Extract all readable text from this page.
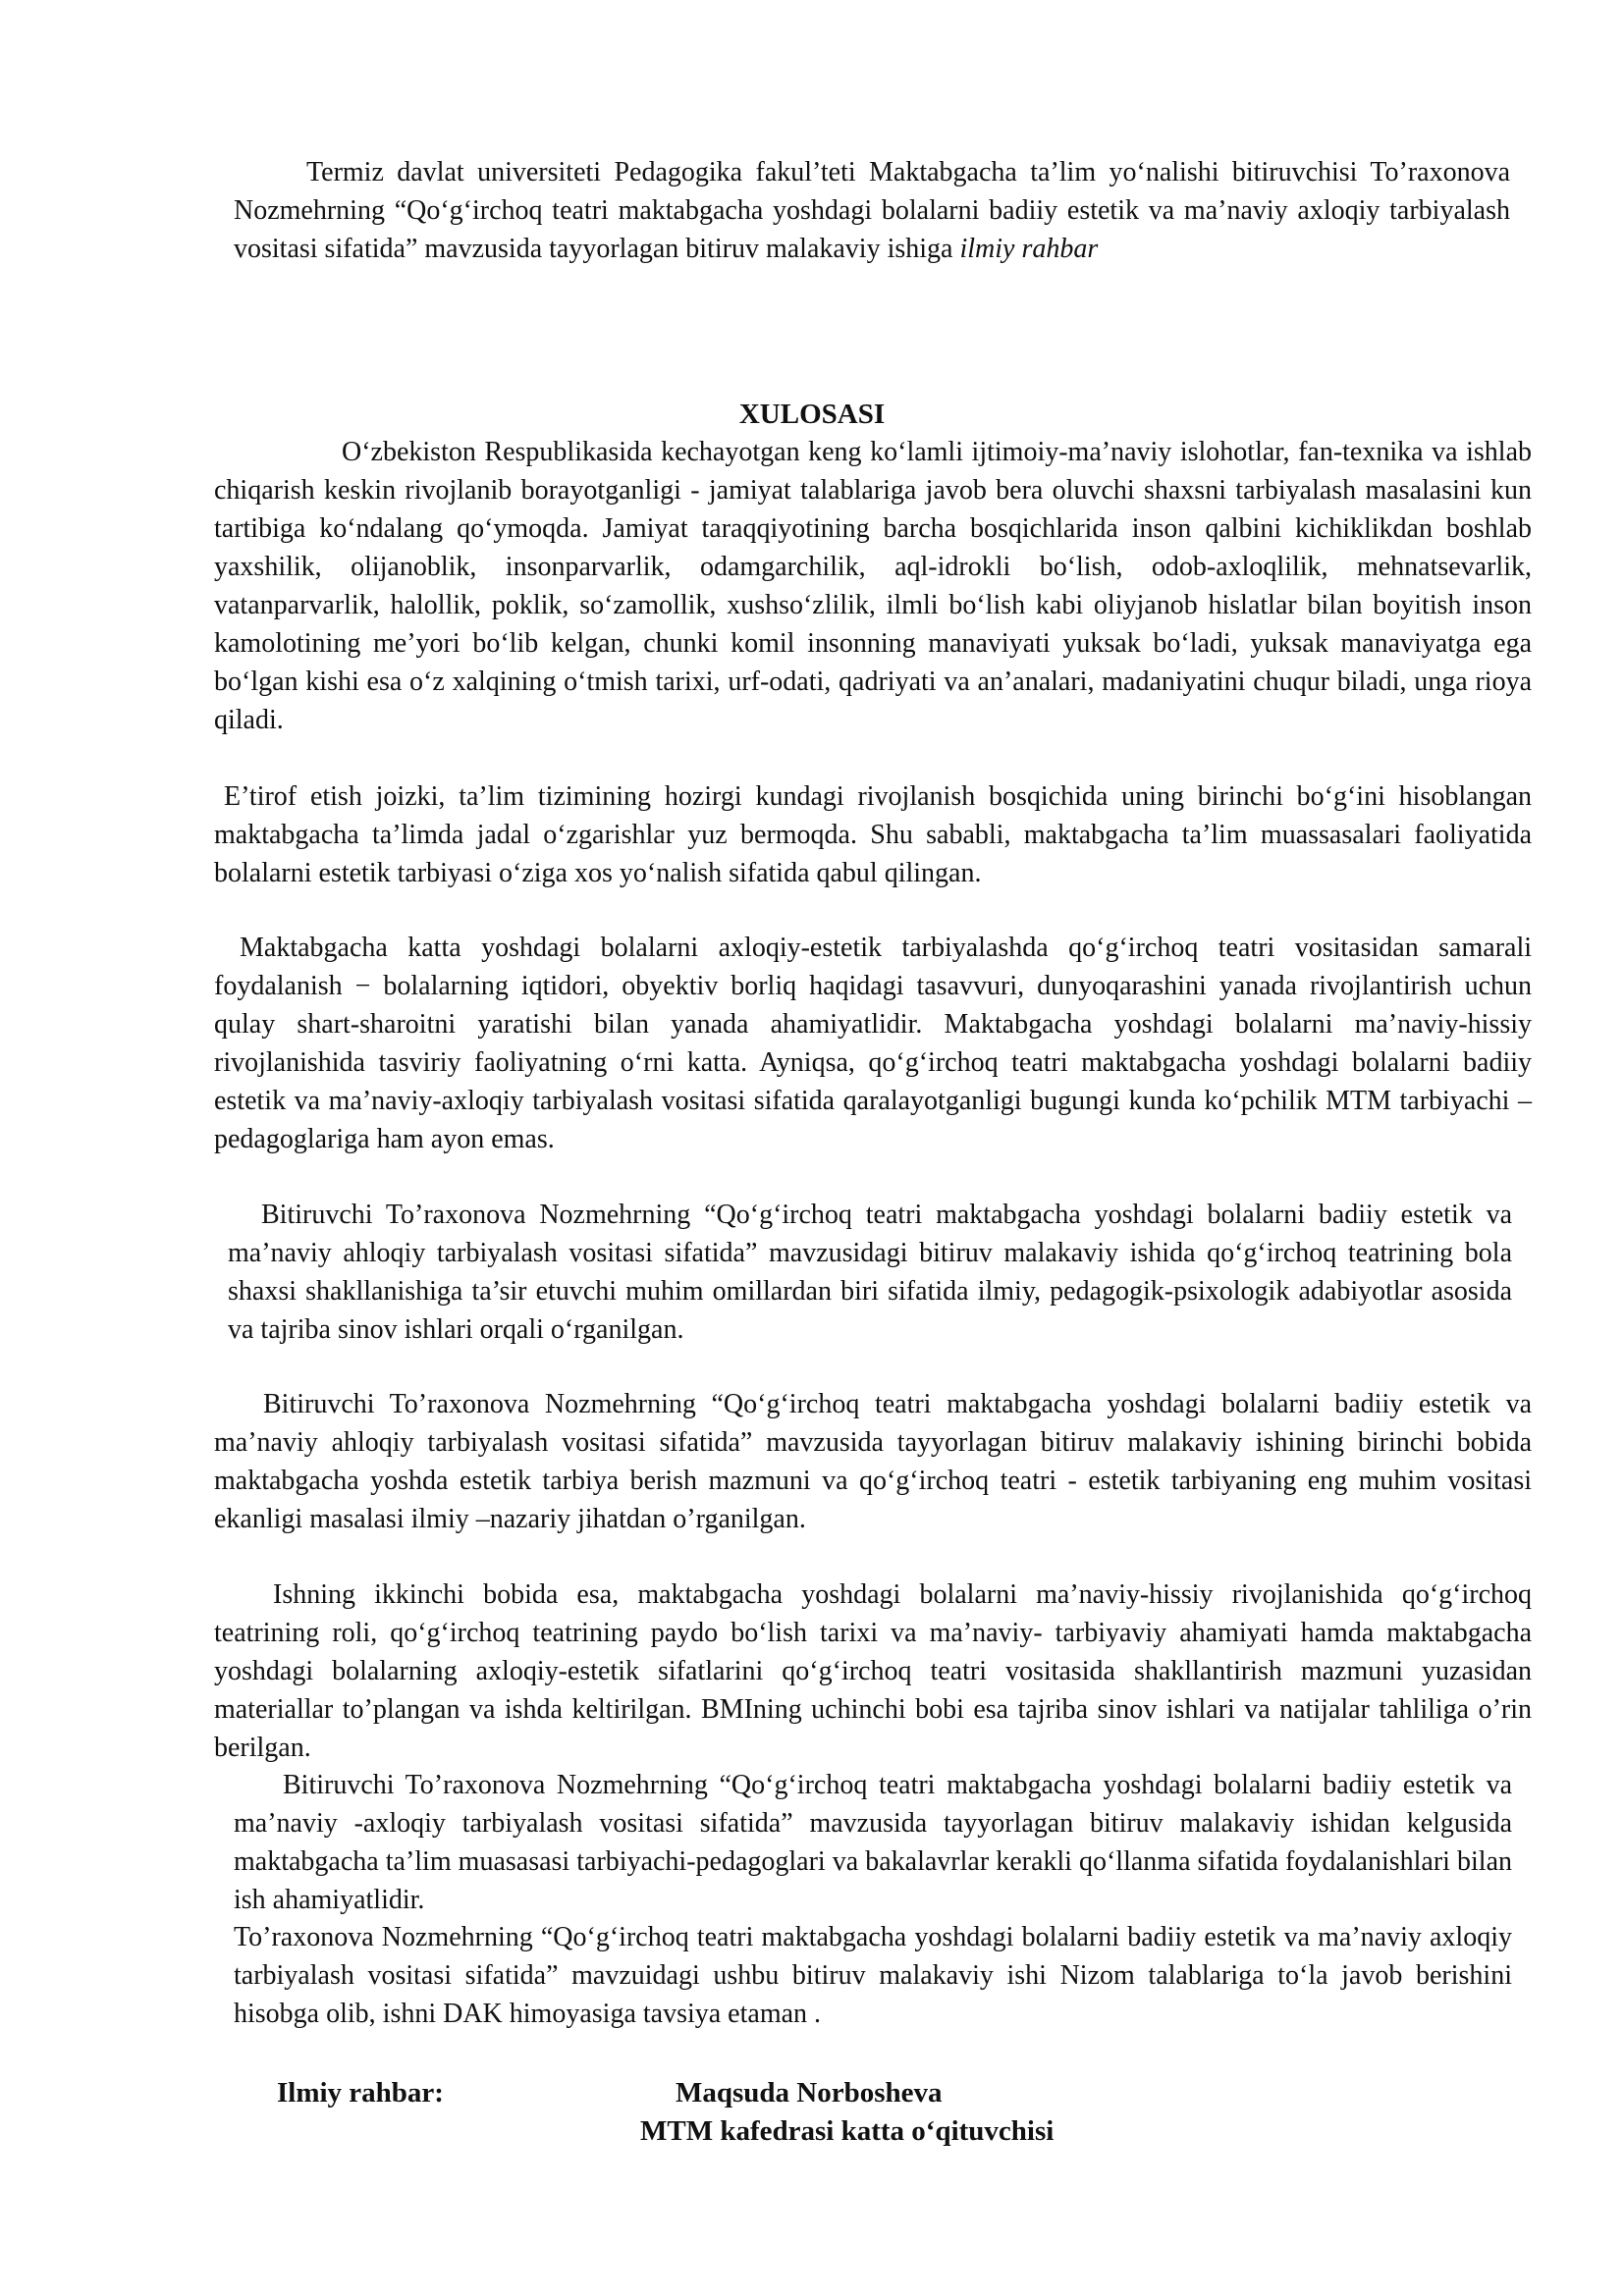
Termiz davlat universiteti Pedagogika fakul’teti Maktabgacha ta’lim yo‘nalishi bitiruvchisi To’raxonova Nozmehrning “Qo‘g‘irchoq teatri maktabgacha yoshdagi bolalarni badiiy estetik va ma’naviy axloqiy tarbiyalash vositasi sifatida” mavzusida tayyorlagan bitiruv malakaviy ishiga ilmiy rahbar
XULOSASI
O‘zbekiston Respublikasida kechayotgan keng ko‘lamli ijtimoiy-ma’naviy islohotlar, fan-texnika va ishlab chiqarish keskin rivojlanib borayotganligi - jamiyat talablariga javob bera oluvchi shaxsni tarbiyalash masalasini kun tartibiga ko‘ndalang qo‘ymoqda. Jamiyat taraqqiyotining barcha bosqichlarida inson qalbini kichiklikdan boshlab yaxshilik, olijanoblik, insonparvarlik, odamgarchilik, aql-idrokli bo‘lish, odob-axloqlilik, mehnatsevarlik, vatanparvarlik, halollik, poklik, so‘zamollik, xushso‘zlilik, ilmli bo‘lish kabi oliyjanob hislatlar bilan boyitish inson kamolotining me’yori bo‘lib kelgan, chunki komil insonning manaviyati yuksak bo‘ladi, yuksak manaviyatga ega bo‘lgan kishi esa o‘z xalqining o‘tmish tarixi, urf-odati, qadriyati va an’analari, madaniyatini chuqur biladi, unga rioya qiladi.
E’tirof etish joizki, ta’lim tizimining hozirgi kundagi rivojlanish bosqichida uning birinchi bo‘g‘ini hisoblangan maktabgacha ta’limda jadal o‘zgarishlar yuz bermoqda. Shu sababli, maktabgacha ta’lim muassasalari faoliyatida bolalarni estetik tarbiyasi o‘ziga xos yo‘nalish sifatida qabul qilingan.
Maktabgacha katta yoshdagi bolalarni axloqiy-estetik tarbiyalashda qo‘g‘irchoq teatri vositasidan samarali foydalanish − bolalarning iqtidori, obyektiv borliq haqidagi tasavvuri, dunyoqarashini yanada rivojlantirish uchun qulay shart-sharoitni yaratishi bilan yanada ahamiyatlidir. Maktabgacha yoshdagi bolalarni ma’naviy-hissiy rivojlanishida tasviriy faoliyatning o‘rni katta. Ayniqsa, qo‘g‘irchoq teatri maktabgacha yoshdagi bolalarni badiiy estetik va ma’naviy-axloqiy tarbiyalash vositasi sifatida qaralayotganligi bugungi kunda ko‘pchilik MTM tarbiyachi –pedagoglariga ham ayon emas.
Bitiruvchi To’raxonova Nozmehrning “Qo‘g‘irchoq teatri maktabgacha yoshdagi bolalarni badiiy estetik va ma’naviy ahloqiy tarbiyalash vositasi sifatida” mavzusidagi bitiruv malakaviy ishida qo‘g‘irchoq teatrining bola shaxsi shakllanishiga ta’sir etuvchi muhim omillardan biri sifatida ilmiy, pedagogik-psixologik adabiyotlar asosida va tajriba sinov ishlari orqali o‘rganilgan.
Bitiruvchi To’raxonova Nozmehrning “Qo‘g‘irchoq teatri maktabgacha yoshdagi bolalarni badiiy estetik va ma’naviy ahloqiy tarbiyalash vositasi sifatida” mavzusida tayyorlagan bitiruv malakaviy ishining birinchi bobida maktabgacha yoshda estetik tarbiya berish mazmuni va qo‘g‘irchoq teatri - estetik tarbiyaning eng muhim vositasi ekanligi masalasi ilmiy –nazariy jihatdan o’rganilgan.
Ishning ikkinchi bobida esa, maktabgacha yoshdagi bolalarni ma’naviy-hissiy rivojlanishida qo‘g‘irchoq teatrining roli, qo‘g‘irchoq teatrining paydo bo‘lish tarixi va ma’naviy- tarbiyaviy ahamiyati hamda maktabgacha yoshdagi bolalarning axloqiy-estetik sifatlarini qo‘g‘irchoq teatri vositasida shakllantirish mazmuni yuzasidan materiallar to’plangan va ishda keltirilgan. BMIning uchinchi bobi esa tajriba sinov ishlari va natijalar tahliliga o’rin berilgan.
Bitiruvchi To’raxonova Nozmehrning “Qo‘g‘irchoq teatri maktabgacha yoshdagi bolalarni badiiy estetik va ma’naviy -axloqiy tarbiyalash vositasi sifatida” mavzusida tayyorlagan bitiruv malakaviy ishidan kelgusida maktabgacha ta’lim muasasasi tarbiyachi-pedagoglari va bakalavrlar kerakli qo‘llanma sifatida foydalanishlari bilan ish ahamiyatlidir.
To’raxonova Nozmehrning “Qo‘g‘irchoq teatri maktabgacha yoshdagi bolalarni badiiy estetik va ma’naviy axloqiy tarbiyalash vositasi sifatida” mavzuidagi ushbu bitiruv malakaviy ishi Nizom talablariga to‘la javob berishini hisobga olib, ishni DAK himoyasiga tavsiya etaman .
Ilmiy rahbar:	Maqsuda Norbosheva
MTM kafedrasi katta o‘qituvchisi
